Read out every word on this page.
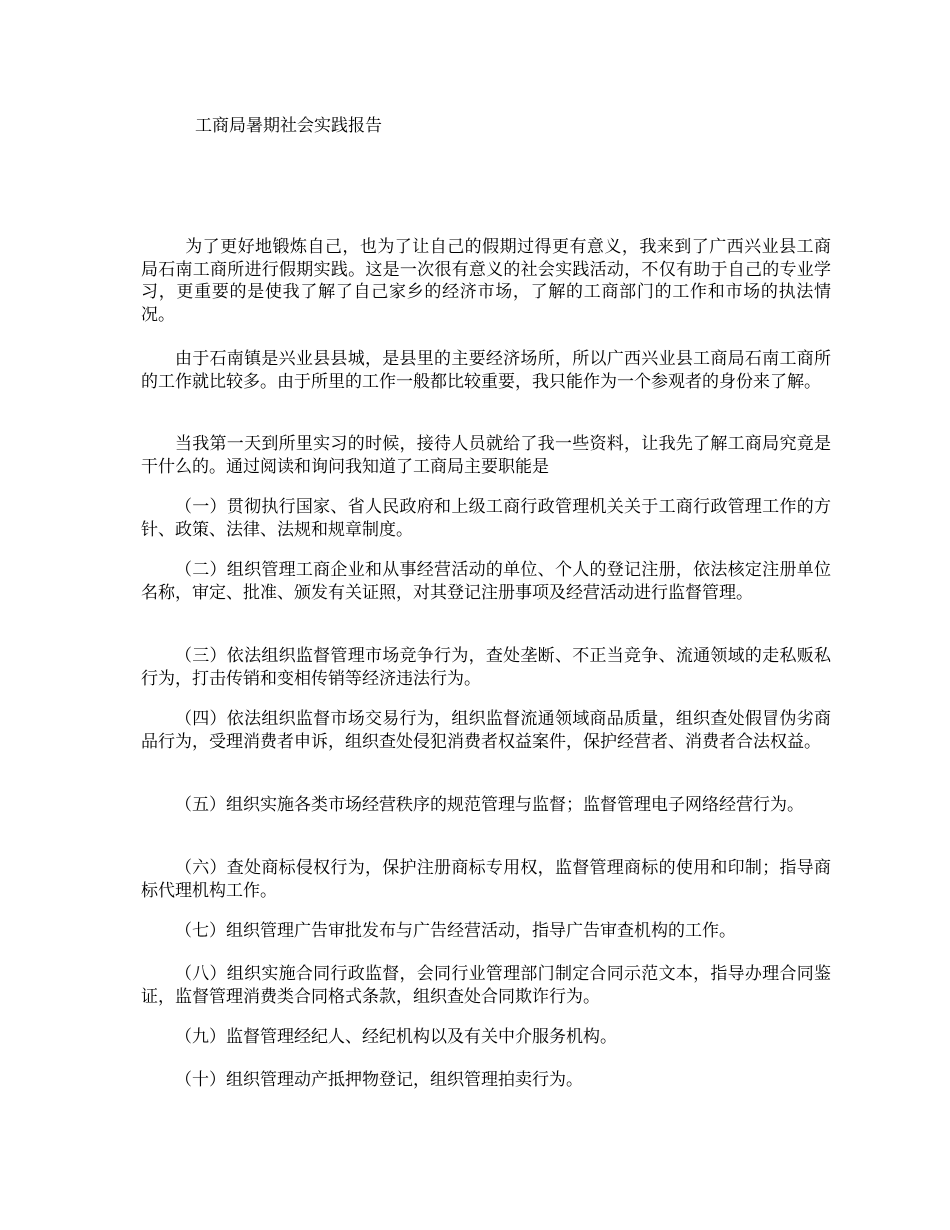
工商局暑期社会实践报告

为了更好地锻炼自己，也为了让自己的假期过得更有意义，我来到了广西兴业县工商局石南工商所进行假期实践。这是一次很有意义的社会实践活动，不仅有助于自己的专业学习，更重要的是使我了解了自己家乡的经济市场，了解的工商部门的工作和市场的执法情况。

由于石南镇是兴业县县城，是县里的主要经济场所，所以广西兴业县工商局石南工商所的工作就比较多。由于所里的工作一般都比较重要，我只能作为一个参观者的身份来了解。

当我第一天到所里实习的时候，接待人员就给了我一些资料，让我先了解工商局究竟是干什么的。通过阅读和询问我知道了工商局主要职能是

（一）贯彻执行国家、省人民政府和上级工商行政管理机关关于工商行政管理工作的方针、政策、法律、法规和规章制度。

（二）组织管理工商企业和从事经营活动的单位、个人的登记注册，依法核定注册单位名称，审定、批准、颁发有关证照，对其登记注册事项及经营活动进行监督管理。

（三）依法组织监督管理市场竞争行为，查处垄断、不正当竞争、流通领域的走私贩私行为，打击传销和变相传销等经济违法行为。

（四）依法组织监督市场交易行为，组织监督流通领域商品质量，组织查处假冒伪劣商品行为，受理消费者申诉，组织查处侵犯消费者权益案件，保护经营者、消费者合法权益。

（五）组织实施各类市场经营秩序的规范管理与监督；监督管理电子网络经营行为。

（六）查处商标侵权行为，保护注册商标专用权，监督管理商标的使用和印制；指导商标代理机构工作。

（七）组织管理广告审批发布与广告经营活动，指导广告审查机构的工作。

（八）组织实施合同行政监督，会同行业管理部门制定合同示范文本，指导办理合同鉴证，监督管理消费类合同格式条款，组织查处合同欺诈行为。

（九）监督管理经纪人、经纪机构以及有关中介服务机构。

（十）组织管理动产抵押物登记，组织管理拍卖行为。
